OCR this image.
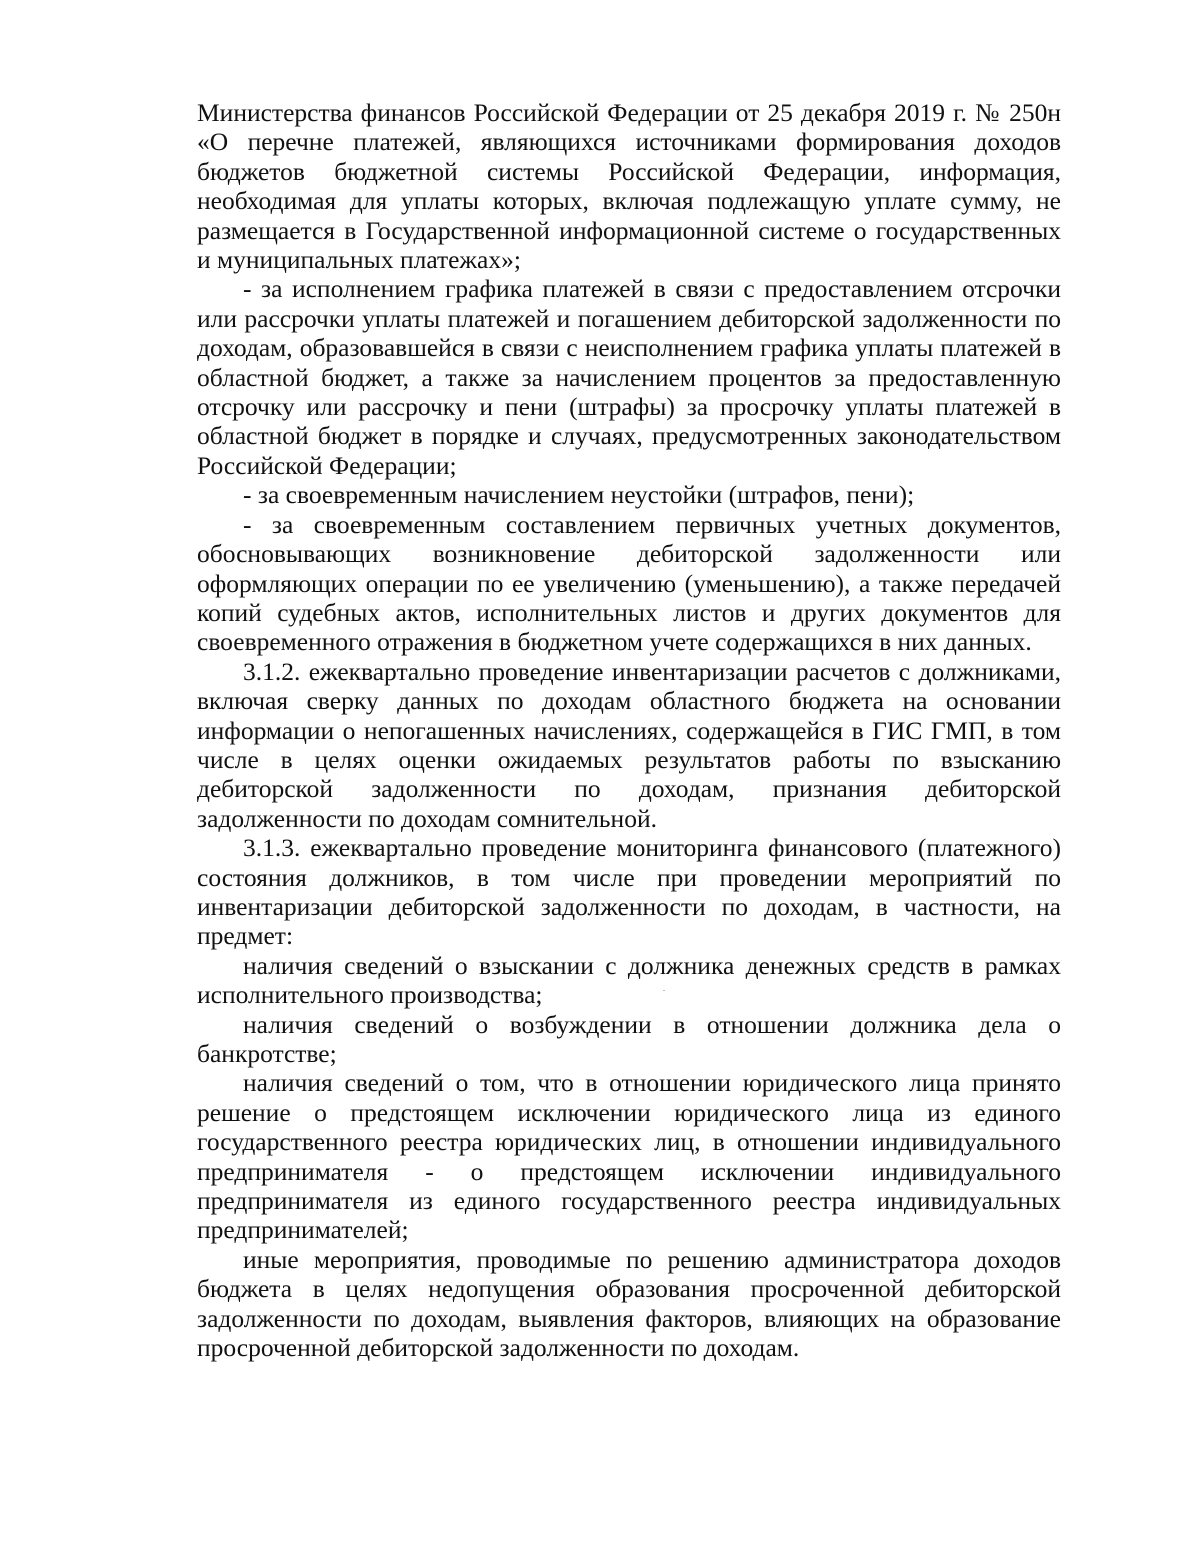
Министерства финансов Российской Федерации от 25 декабря 2019 г. № 250н «О перечне платежей, являющихся источниками формирования доходов бюджетов бюджетной системы Российской Федерации, информация, необходимая для уплаты которых, включая подлежащую уплате сумму, не размещается в Государственной информационной системе о государственных и муниципальных платежах»;

- за исполнением графика платежей в связи с предоставлением отсрочки или рассрочки уплаты платежей и погашением дебиторской задолженности по доходам, образовавшейся в связи с неисполнением графика уплаты платежей в областной бюджет, а также за начислением процентов за предоставленную отсрочку или рассрочку и пени (штрафы) за просрочку уплаты платежей в областной бюджет в порядке и случаях, предусмотренных законодательством Российской Федерации;

- за своевременным начислением неустойки (штрафов, пени);

- за своевременным составлением первичных учетных документов, обосновывающих возникновение дебиторской задолженности или оформляющих операции по ее увеличению (уменьшению), а также передачей копий судебных актов, исполнительных листов и других документов для своевременного отражения в бюджетном учете содержащихся в них данных.

3.1.2. ежеквартально проведение инвентаризации расчетов с должниками, включая сверку данных по доходам областного бюджета на основании информации о непогашенных начислениях, содержащейся в ГИС ГМП, в том числе в целях оценки ожидаемых результатов работы по взысканию дебиторской задолженности по доходам, признания дебиторской задолженности по доходам сомнительной.

3.1.3. ежеквартально проведение мониторинга финансового (платежного) состояния должников, в том числе при проведении мероприятий по инвентаризации дебиторской задолженности по доходам, в частности, на предмет:

наличия сведений о взыскании с должника денежных средств в рамках исполнительного производства;

наличия сведений о возбуждении в отношении должника дела о банкротстве;

наличия сведений о том, что в отношении юридического лица принято решение о предстоящем исключении юридического лица из единого государственного реестра юридических лиц, в отношении индивидуального предпринимателя - о предстоящем исключении индивидуального предпринимателя из единого государственного реестра индивидуальных предпринимателей;

иные мероприятия, проводимые по решению администратора доходов бюджета в целях недопущения образования просроченной дебиторской задолженности по доходам, выявления факторов, влияющих на образование просроченной дебиторской задолженности по доходам.
